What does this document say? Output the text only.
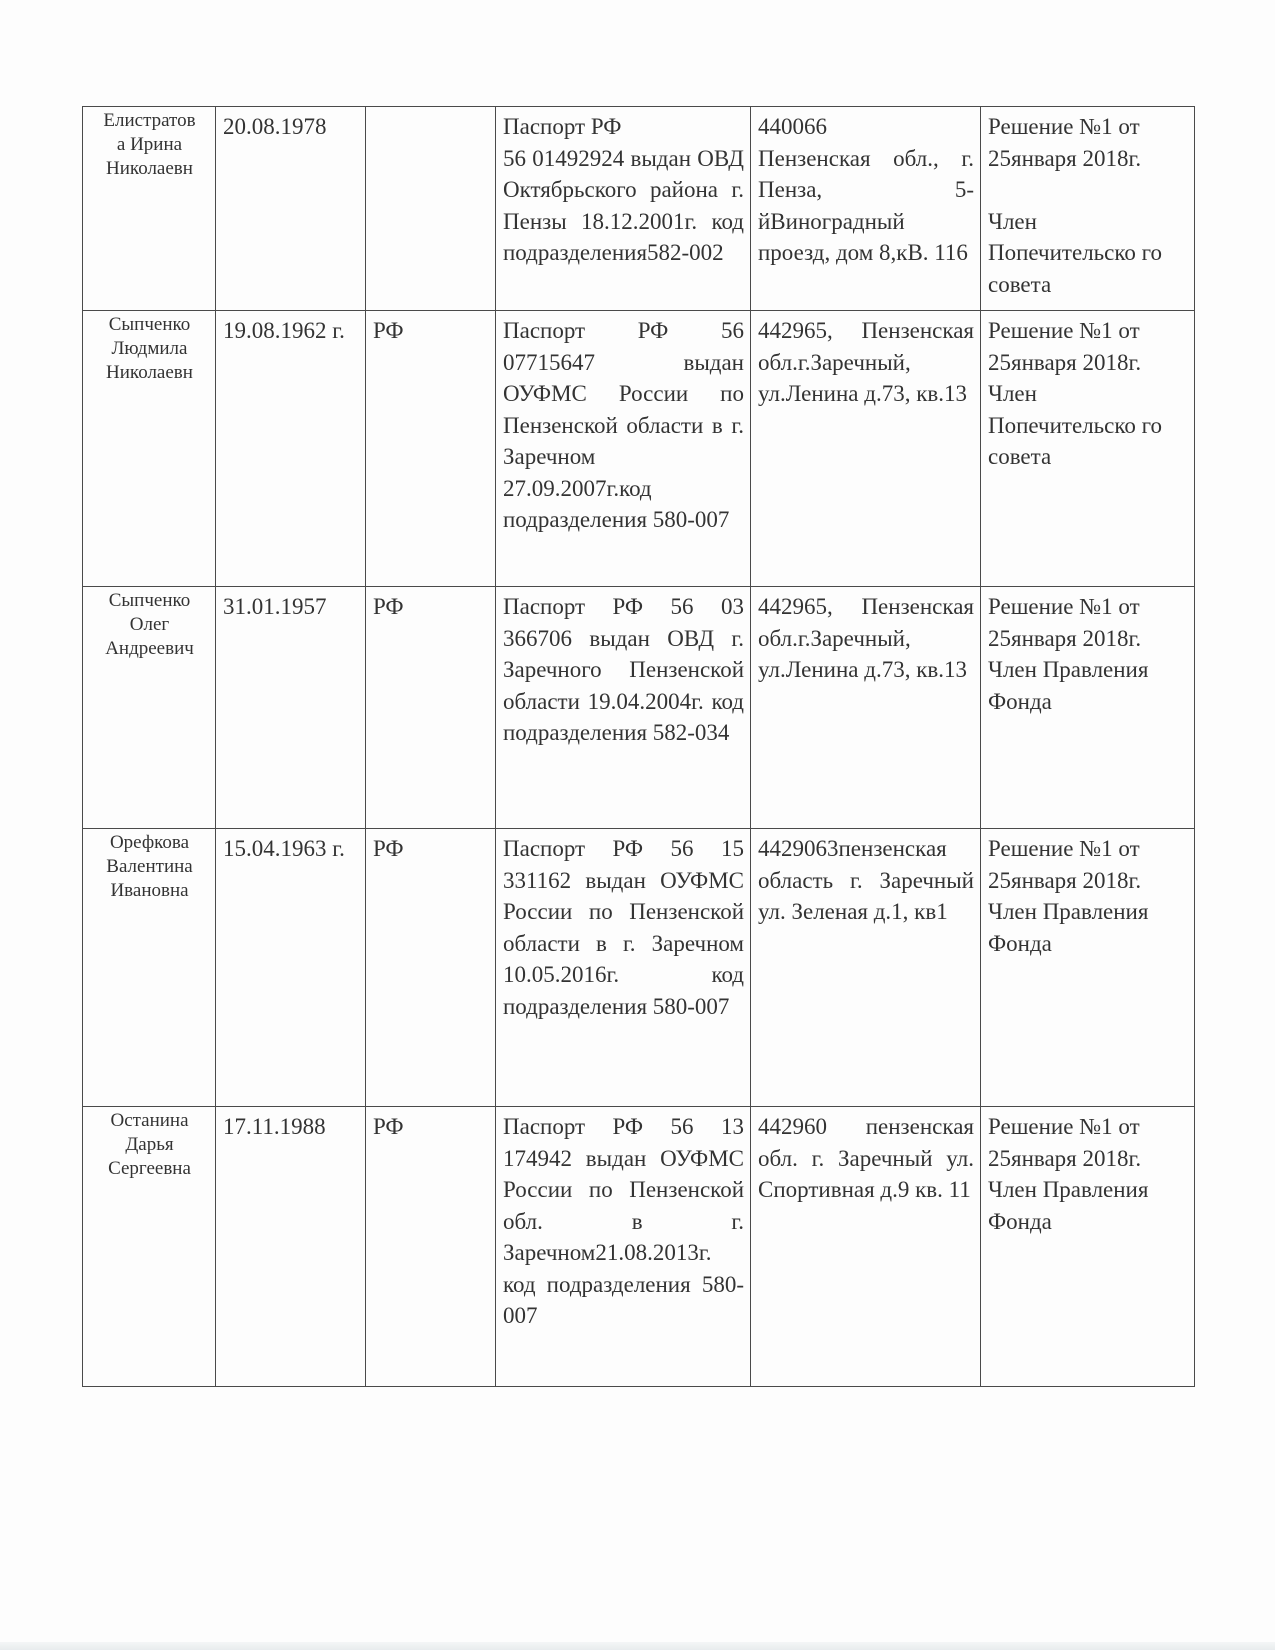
Елистратов
а Ирина
Николаевн	20.08.1978		Паспорт РФ
56 01492924 выдан ОВД Октябрьского района г. Пензы 18.12.2001г. код подразделения582-002	440066
Пензенская обл., г. Пенза, 5-йВиноградный проезд, дом 8,кВ. 116	Решение №1 от 25января 2018г.

Член Попечительско го совета
Сыпченко
Людмила
Николаевн	19.08.1962 г.	РФ	Паспорт РФ 56 07715647 выдан ОУФМС России по Пензенской области в г. Заречном 27.09.2007г.код подразделения 580-007	442965, Пензенская обл.г.Заречный, ул.Ленина д.73, кв.13	Решение №1 от 25января 2018г. Член Попечительско го совета
Сыпченко
Олег
Андреевич	31.01.1957	РФ	Паспорт РФ 56 03 366706 выдан ОВД г. Заречного Пензенской области 19.04.2004г. код подразделения 582-034	442965, Пензенская обл.г.Заречный, ул.Ленина д.73, кв.13	Решение №1 от 25января 2018г. Член Правления Фонда
Орефкова
Валентина
Ивановна	15.04.1963 г.	РФ	Паспорт РФ 56 15 331162 выдан ОУФМС России по Пензенской области в г. Заречном 10.05.2016г. код подразделения 580-007	4429063пензенская область г. Заречный ул. Зеленая д.1, кв1	Решение №1 от 25января 2018г. Член Правления Фонда
Останина
Дарья
Сергеевна	17.11.1988	РФ	Паспорт РФ 56 13 174942 выдан ОУФМС России по Пензенской обл. в г. Заречном21.08.2013г. код подразделения 580-007	442960 пензенская обл. г. Заречный ул. Спортивная д.9 кв. 11	Решение №1 от 25января 2018г. Член Правления Фонда
